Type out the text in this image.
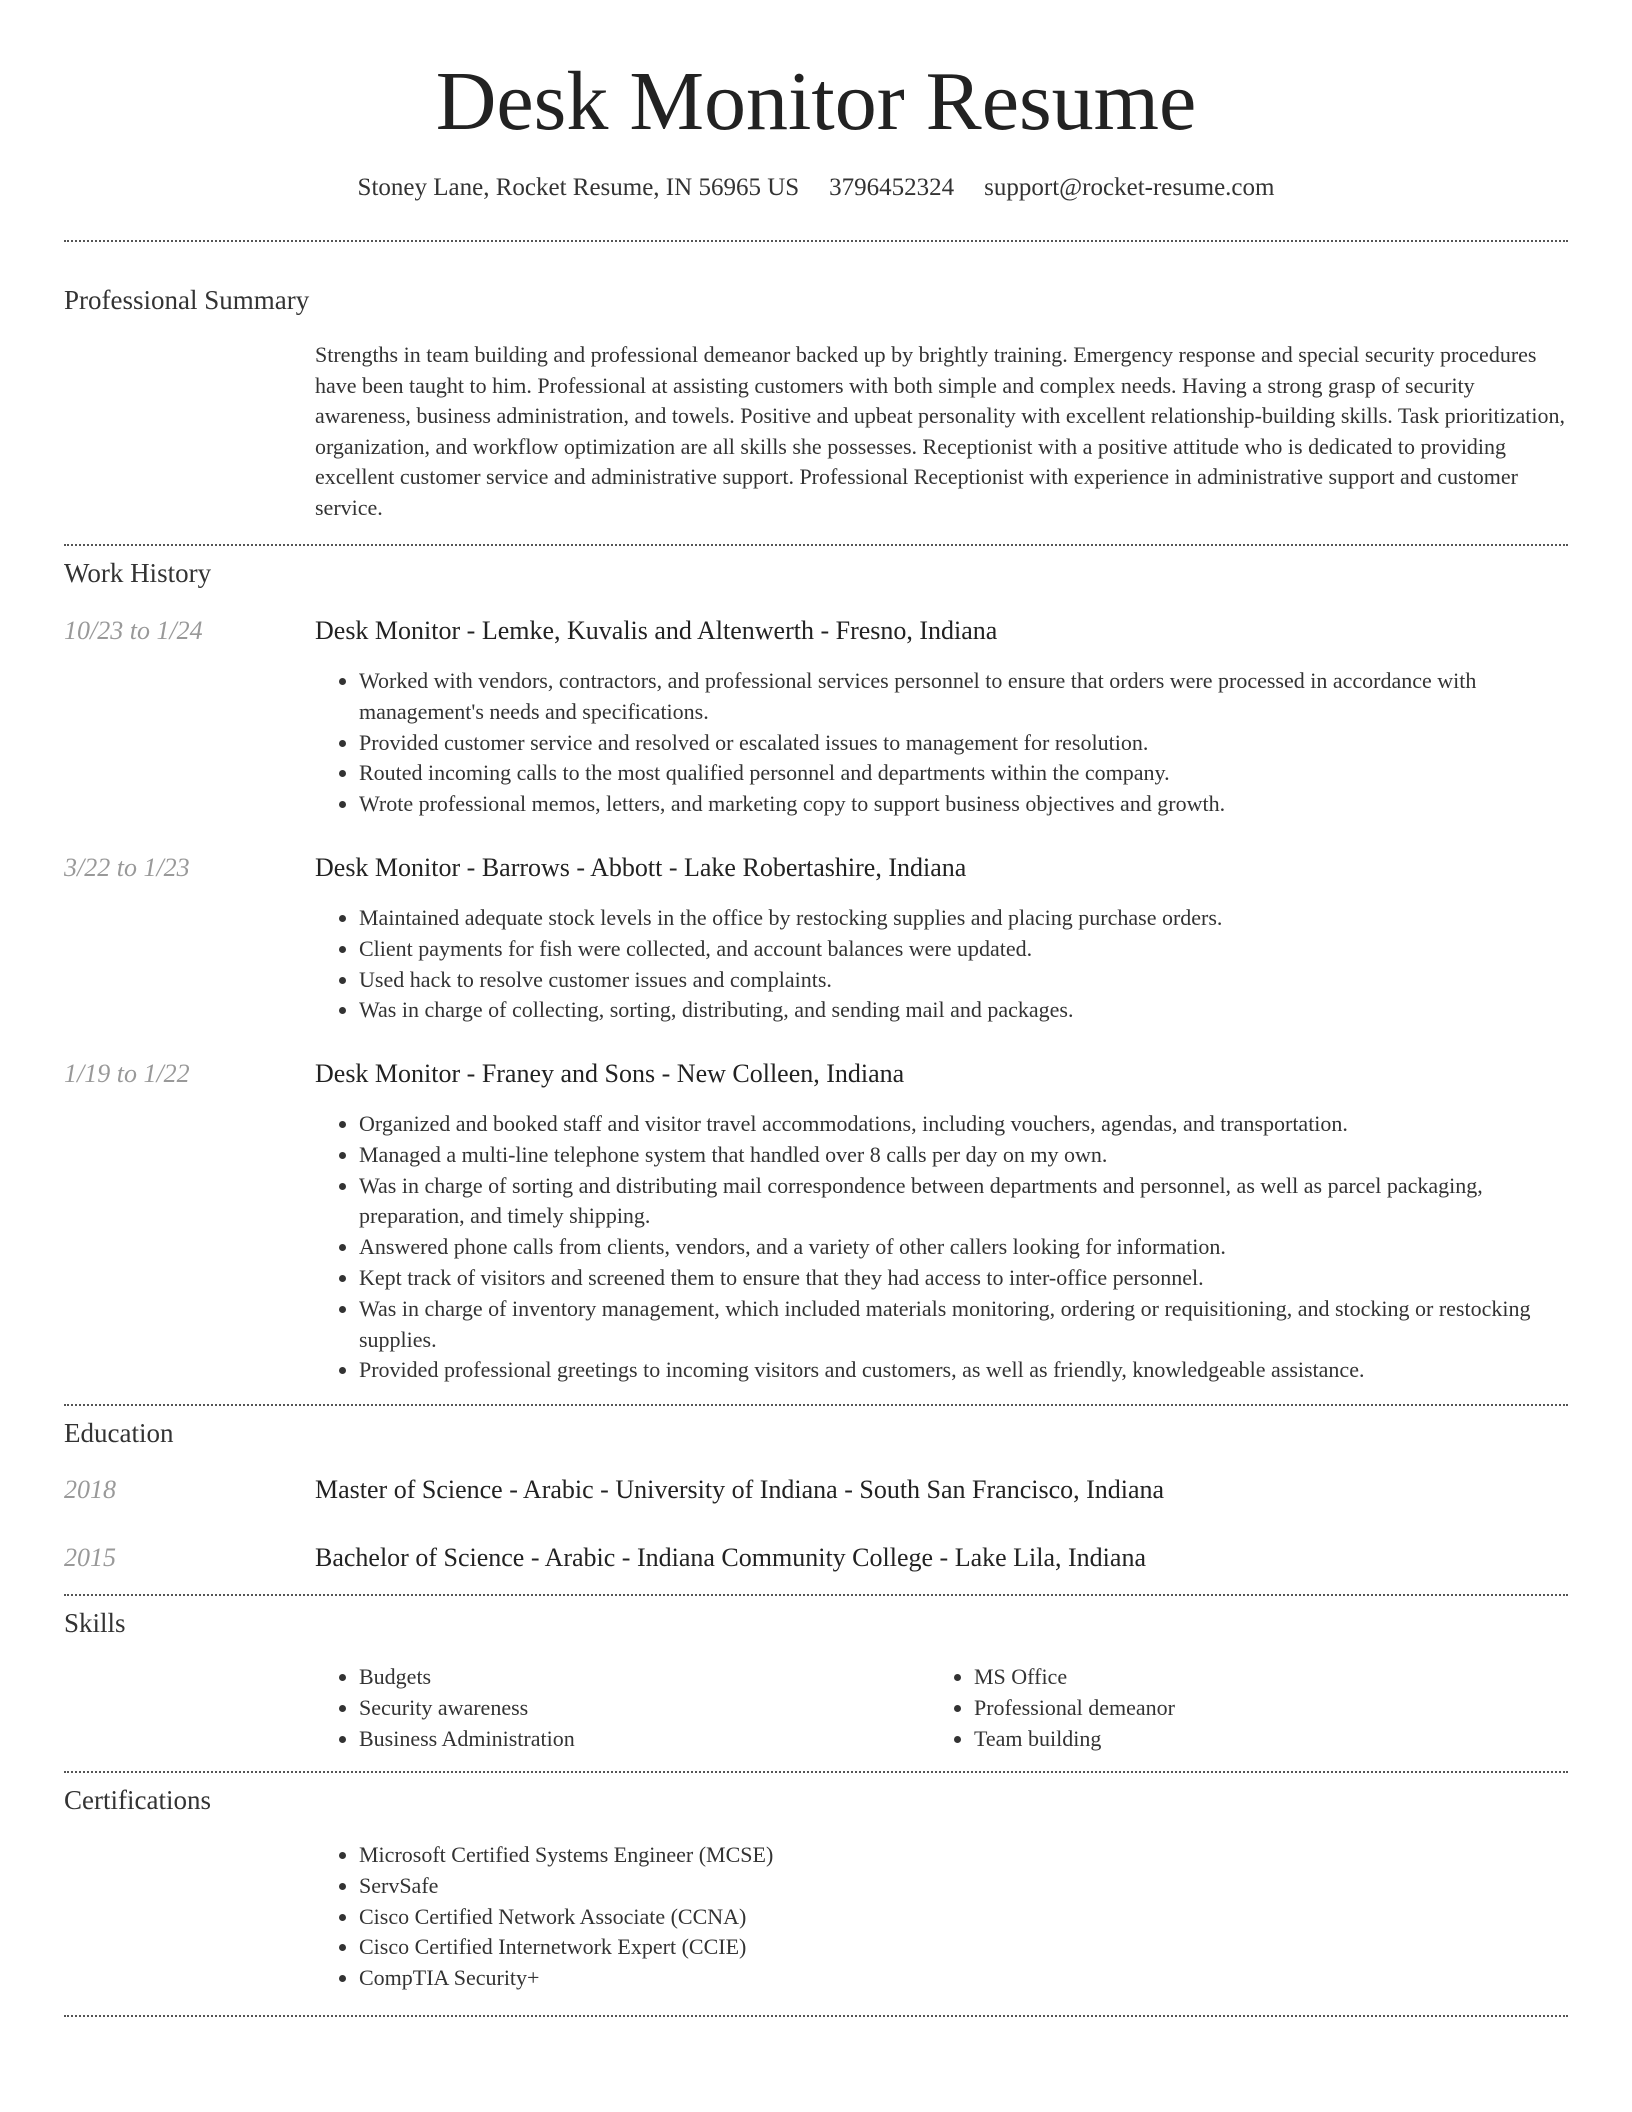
Desk Monitor Resume
Stoney Lane, Rocket Resume, IN 56965 US 3796452324 support@rocket-resume.com
Professional Summary
Strengths in team building and professional demeanor backed up by brightly training. Emergency response and special security procedures have been taught to him. Professional at assisting customers with both simple and complex needs. Having a strong grasp of security awareness, business administration, and towels. Positive and upbeat personality with excellent relationship-building skills. Task prioritization, organization, and workflow optimization are all skills she possesses. Receptionist with a positive attitude who is dedicated to providing excellent customer service and administrative support. Professional Receptionist with experience in administrative support and customer service.
Work History
10/23 to 1/24	Desk Monitor - Lemke, Kuvalis and Altenwerth - Fresno, Indiana
• Worked with vendors, contractors, and professional services personnel to ensure that orders were processed in accordance with management's needs and specifications.
• Provided customer service and resolved or escalated issues to management for resolution.
• Routed incoming calls to the most qualified personnel and departments within the company.
• Wrote professional memos, letters, and marketing copy to support business objectives and growth.
3/22 to 1/23	Desk Monitor - Barrows - Abbott - Lake Robertashire, Indiana
• Maintained adequate stock levels in the office by restocking supplies and placing purchase orders.
• Client payments for fish were collected, and account balances were updated.
• Used hack to resolve customer issues and complaints.
• Was in charge of collecting, sorting, distributing, and sending mail and packages.
1/19 to 1/22	Desk Monitor - Franey and Sons - New Colleen, Indiana
• Organized and booked staff and visitor travel accommodations, including vouchers, agendas, and transportation.
• Managed a multi-line telephone system that handled over 8 calls per day on my own.
• Was in charge of sorting and distributing mail correspondence between departments and personnel, as well as parcel packaging, preparation, and timely shipping.
• Answered phone calls from clients, vendors, and a variety of other callers looking for information.
• Kept track of visitors and screened them to ensure that they had access to inter-office personnel.
• Was in charge of inventory management, which included materials monitoring, ordering or requisitioning, and stocking or restocking supplies.
• Provided professional greetings to incoming visitors and customers, as well as friendly, knowledgeable assistance.
Education
2018	Master of Science - Arabic - University of Indiana - South San Francisco, Indiana
2015	Bachelor of Science - Arabic - Indiana Community College - Lake Lila, Indiana
Skills
• Budgets
• Security awareness
• Business Administration
• MS Office
• Professional demeanor
• Team building
Certifications
• Microsoft Certified Systems Engineer (MCSE)
• ServSafe
• Cisco Certified Network Associate (CCNA)
• Cisco Certified Internetwork Expert (CCIE)
• CompTIA Security+
